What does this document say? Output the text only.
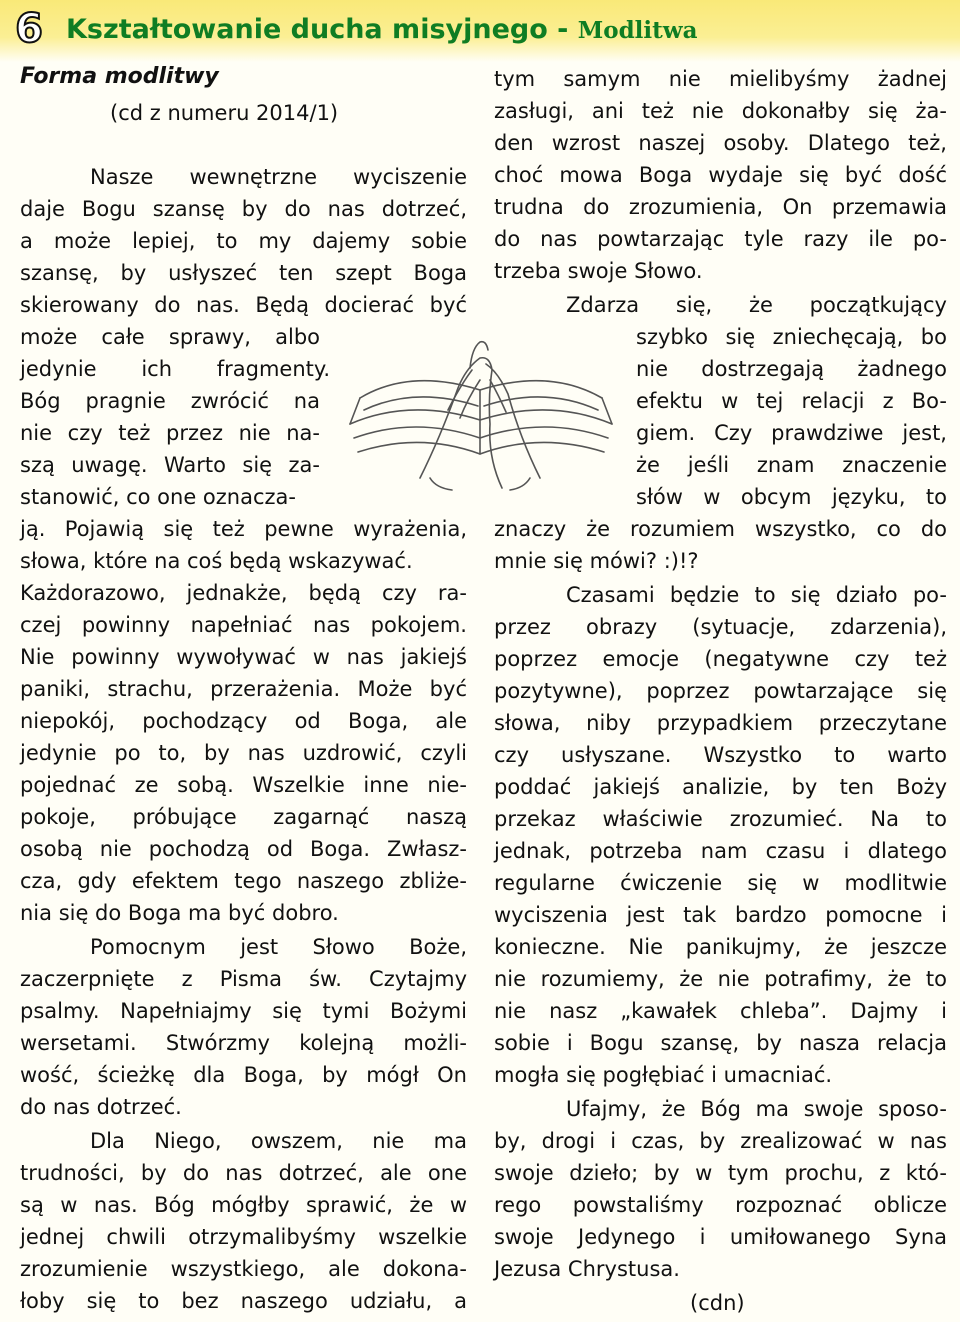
6 Kształtowanie ducha misyjnego - Modlitwa
Forma modlitwy
(cd z numeru 2014/1)
Nasze wewnętrzne wyciszenie
daje Bogu szansę by do nas dotrzeć,
a może lepiej, to my dajemy sobie
szansę, by usłyszeć ten szept Boga
skierowany do nas. Będą docierać być
może całe sprawy, albo
jedynie ich fragmenty.
Bóg pragnie zwrócić na
nie czy też przez nie na-
szą uwagę. Warto się za-
stanowić, co one oznacza-
ją. Pojawią się też pewne wyrażenia,
słowa, które na coś będą wskazywać.
Każdorazowo, jednakże, będą czy ra-
czej powinny napełniać nas pokojem.
Nie powinny wywoływać w nas jakiejś
paniki, strachu, przerażenia. Może być
niepokój, pochodzący od Boga, ale
jedynie po to, by nas uzdrowić, czyli
pojednać ze sobą. Wszelkie inne nie-
pokoje, próbujące zagarnąć naszą
osobą nie pochodzą od Boga. Zwłasz-
cza, gdy efektem tego naszego zbliże-
nia się do Boga ma być dobro.
Pomocnym jest Słowo Boże,
zaczerpnięte z Pisma św. Czytajmy
psalmy. Napełniajmy się tymi Bożymi
wersetami. Stwórzmy kolejną możli-
wość, ścieżkę dla Boga, by mógł On
do nas dotrzeć.
Dla Niego, owszem, nie ma
trudności, by do nas dotrzeć, ale one
są w nas. Bóg mógłby sprawić, że w
jednej chwili otrzymalibyśmy wszelkie
zrozumienie wszystkiego, ale dokona-
łoby się to bez naszego udziału, a
tym samym nie mielibyśmy żadnej
zasługi, ani też nie dokonałby się ża-
den wzrost naszej osoby. Dlatego też,
choć mowa Boga wydaje się być dość
trudna do zrozumienia, On przemawia
do nas powtarzając tyle razy ile po-
trzeba swoje Słowo.
Zdarza się, że początkujący
szybko się zniechęcają, bo
nie dostrzegają żadnego
efektu w tej relacji z Bo-
giem. Czy prawdziwe jest,
że jeśli znam znaczenie
słów w obcym języku, to
znaczy że rozumiem wszystko, co do
mnie się mówi? :)!?
Czasami będzie to się działo po-
przez obrazy (sytuacje, zdarzenia),
poprzez emocje (negatywne czy też
pozytywne), poprzez powtarzające się
słowa, niby przypadkiem przeczytane
czy usłyszane. Wszystko to warto
poddać jakiejś analizie, by ten Boży
przekaz właściwie zrozumieć. Na to
jednak, potrzeba nam czasu i dlatego
regularne ćwiczenie się w modlitwie
wyciszenia jest tak bardzo pomocne i
konieczne. Nie panikujmy, że jeszcze
nie rozumiemy, że nie potrafimy, że to
nie nasz „kawałek chleba”. Dajmy i
sobie i Bogu szansę, by nasza relacja
mogła się pogłębiać i umacniać.
Ufajmy, że Bóg ma swoje sposo-
by, drogi i czas, by zrealizować w nas
swoje dzieło; by w tym prochu, z któ-
rego powstaliśmy rozpoznać oblicze
swoje Jedynego i umiłowanego Syna
Jezusa Chrystusa.
(cdn)
